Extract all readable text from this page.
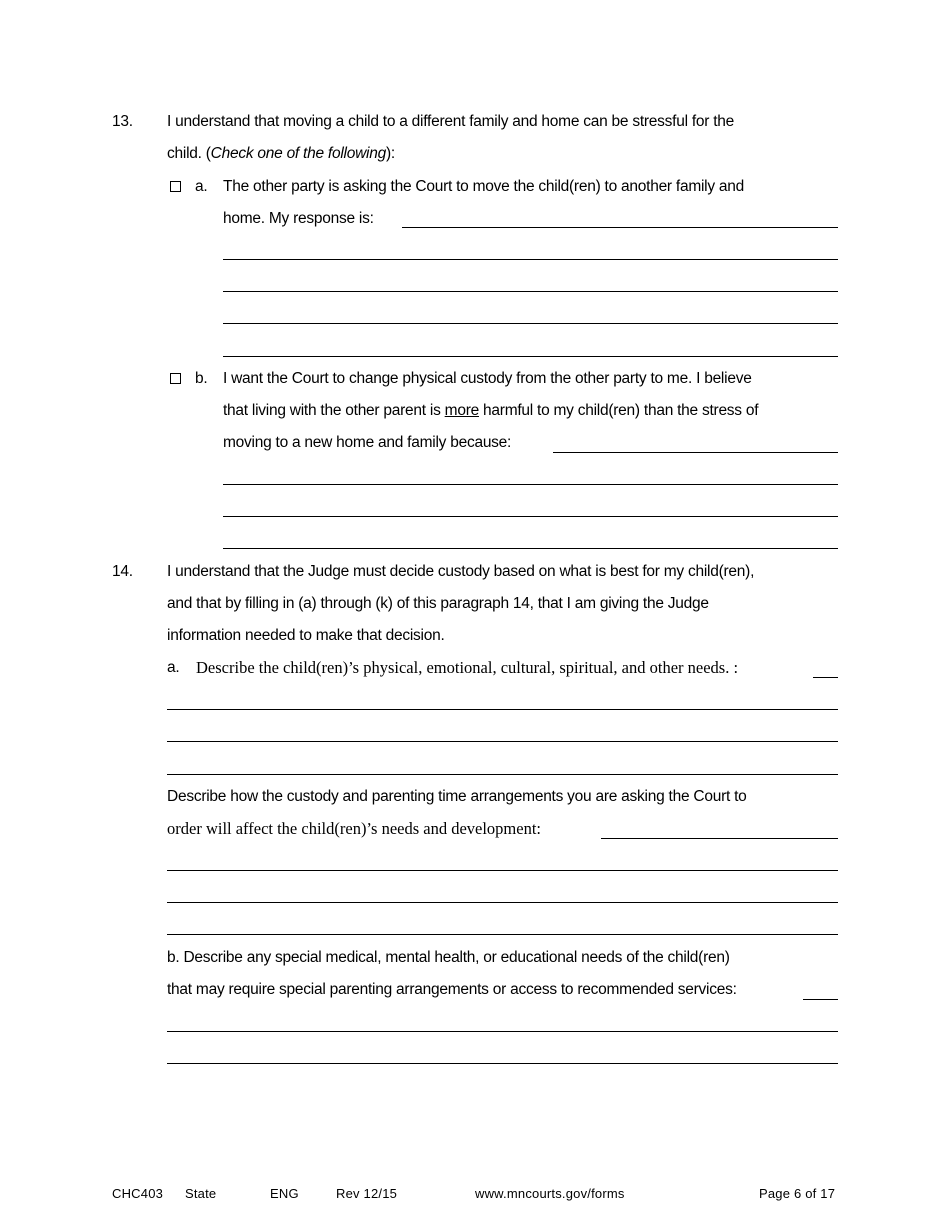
13. I understand that moving a child to a different family and home can be stressful for the
child. (Check one of the following):
a. The other party is asking the Court to move the child(ren) to another family and
home. My response is:
b. I want the Court to change physical custody from the other party to me. I believe
that living with the other parent is more harmful to my child(ren) than the stress of
moving to a new home and family because:
14. I understand that the Judge must decide custody based on what is best for my child(ren),
and that by filling in (a) through (k) of this paragraph 14, that I am giving the Judge
information needed to make that decision.
a. Describe the child(ren)’s physical, emotional, cultural, spiritual, and other needs. :
Describe how the custody and parenting time arrangements you are asking the Court to
order will affect the child(ren)’s needs and development:
b. Describe any special medical, mental health, or educational needs of the child(ren)
that may require special parenting arrangements or access to recommended services:
CHC403 State	ENG	Rev 12/15	www.mncourts.gov/forms	Page 6 of 17
